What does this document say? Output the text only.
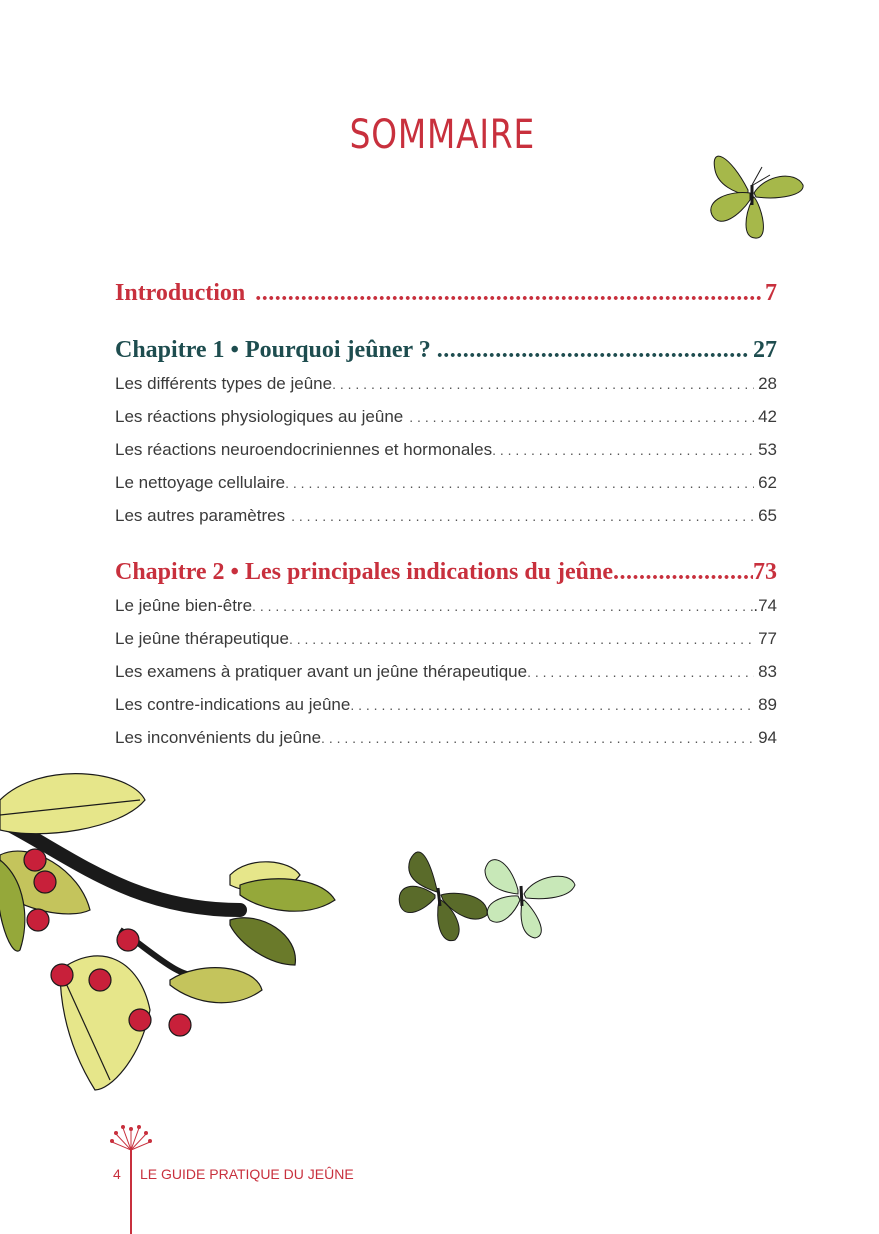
SOMMAIRE
Introduction .....	7
Chapitre 1 • Pourquoi jeûner ? .....	27
Les différents types de jeûne . . .	28
Les réactions physiologiques au jeûne . . .	42
Les réactions neuroendocriniennes et hormonales . . .	53
Le nettoyage cellulaire . . .	62
Les autres paramètres . . .	65
Chapitre 2 • Les principales indications du jeûne .....	73
Le jeûne bien-être . . .	.74
Le jeûne thérapeutique . . .	77
Les examens à pratiquer avant un jeûne thérapeutique . . .	83
Les contre-indications au jeûne . . .	89
Les inconvénients du jeûne . . .	94
4 LE GUIDE PRATIQUE DU JEÛNE
